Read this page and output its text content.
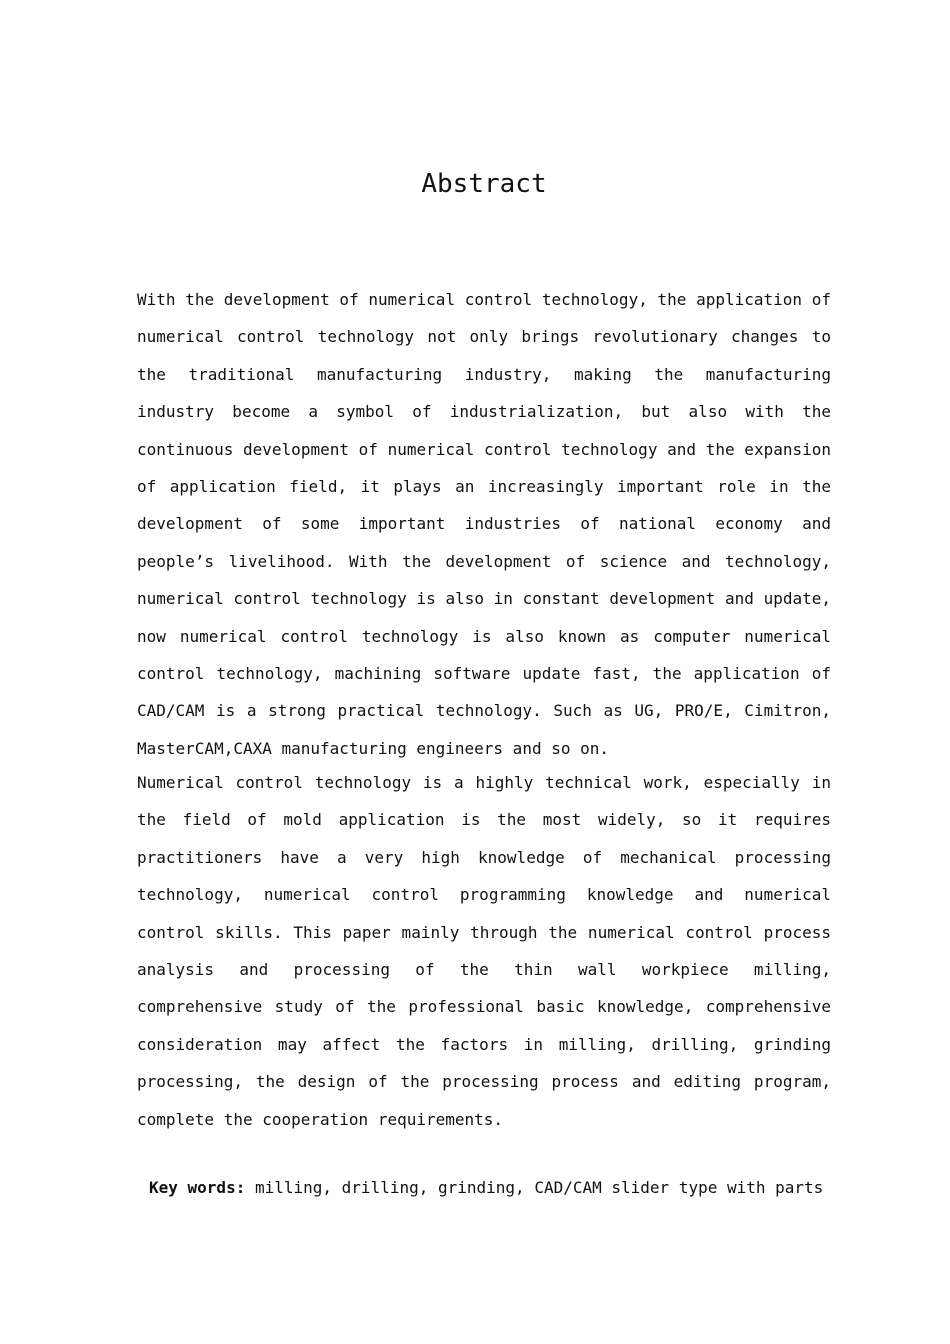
Abstract
With the development of numerical control technology, the application of
numerical control technology not only brings revolutionary changes to
the traditional manufacturing industry, making the manufacturing
industry become a symbol of industrialization, but also with the
continuous development of numerical control technology and the expansion
of application field, it plays an increasingly important role in the
development of some important industries of national economy and
people’s livelihood. With the development of science and technology,
numerical control technology is also in constant development and update,
now numerical control technology is also known as computer numerical
control technology, machining software update fast, the application of
CAD/CAM is a strong practical technology. Such as UG, PRO/E, Cimitron,
MasterCAM,CAXA manufacturing engineers and so on.
Numerical control technology is a highly technical work, especially in
the field of mold application is the most widely, so it requires
practitioners have a very high knowledge of mechanical processing
technology, numerical control programming knowledge and numerical
control skills. This paper mainly through the numerical control process
analysis and processing of the thin wall workpiece milling,
comprehensive study of the professional basic knowledge, comprehensive
consideration may affect the factors in milling, drilling, grinding
processing, the design of the processing process and editing program,
complete the cooperation requirements.
Key words: milling, drilling, grinding, CAD/CAM slider type with parts
